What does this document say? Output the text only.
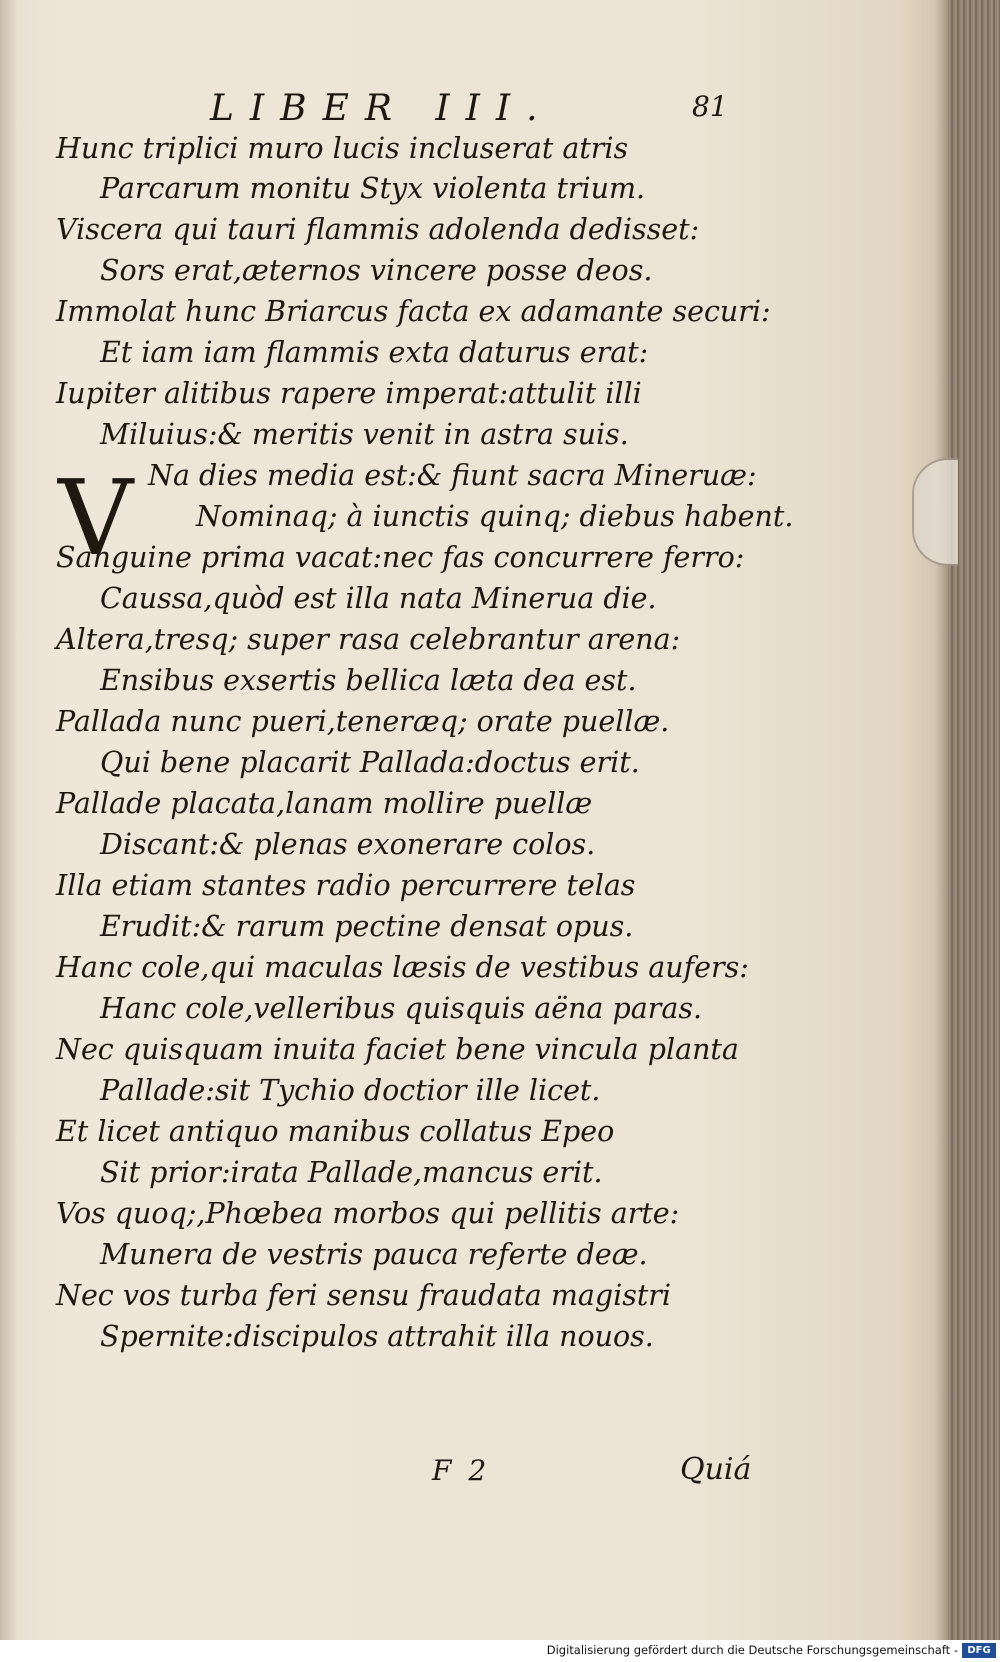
LIBER III.	81
Hunc triplici muro lucis incluserat atris
Parcarum monitu Styx violenta trium.
Viscera qui tauri flammis adolenda dedisset:
Sors erat,æternos vincere posse deos.
Immolat hunc Briarcus facta ex adamante securi:
Et iam iam flammis exta daturus erat:
Iupiter alitibus rapere imperat:attulit illi
Miluius:& meritis venit in astra suis.
V Na dies media est:& fiunt sacra Mineruæ:
Nominaq; à iunctis quinq; diebus habent.
Sanguine prima vacat:nec fas concurrere ferro:
Caussa,quòd est illa nata Minerua die.
Altera,tresq; super rasa celebrantur arena:
Ensibus exsertis bellica læta dea est.
Pallada nunc pueri,teneræq; orate puellæ.
Qui bene placarit Pallada:doctus erit.
Pallade placata,lanam mollire puellæ
Discant:& plenas exonerare colos.
Illa etiam stantes radio percurrere telas
Erudit:& rarum pectine densat opus.
Hanc cole,qui maculas læsis de vestibus aufers:
Hanc cole,velleribus quisquis aëna paras.
Nec quisquam inuita faciet bene vincula planta
Pallade:sit Tychio doctior ille licet.
Et licet antiquo manibus collatus Epeo
Sit prior:irata Pallade,mancus erit.
Vos quoq;,Phœbea morbos qui pellitis arte:
Munera de vestris pauca referte deæ.
Nec vos turba feri sensu fraudata magistri
Spernite:discipulos attrahit illa nouos.
F 2	Quiá
Digitalisierung gefördert durch die Deutsche Forschungsgemeinschaft - DFG
